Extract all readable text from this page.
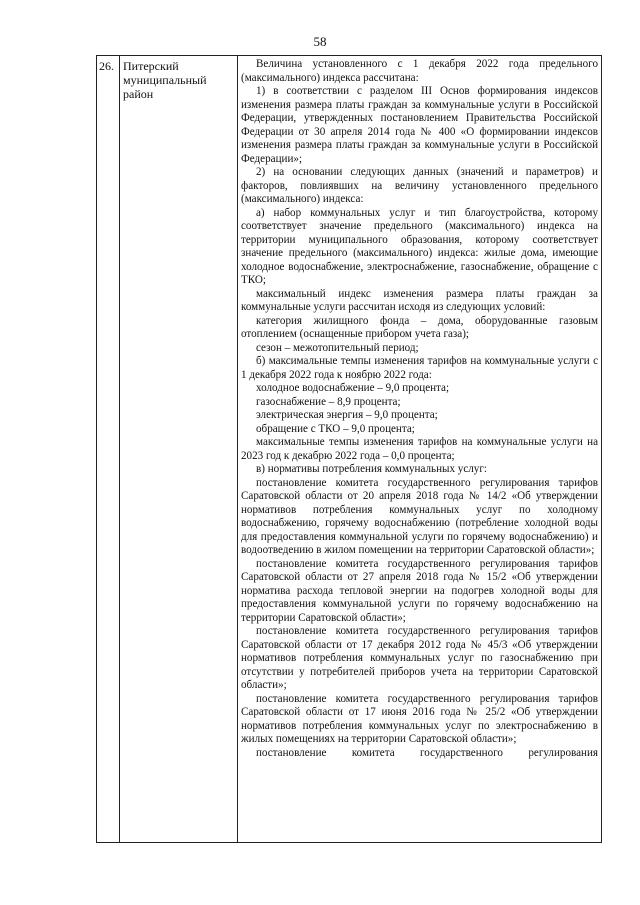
58
26.	Питерский муниципальный район	

Величина установленного с 1 декабря 2022 года предельного (максимального) индекса рассчитана:

1) в соответствии с разделом III Основ формирования индексов изменения размера платы граждан за коммунальные услуги в Российской Федерации, утвержденных постановлением Правительства Российской Федерации от 30 апреля 2014 года № 400 «О формировании индексов изменения размера платы граждан за коммунальные услуги в Российской Федерации»;

2) на основании следующих данных (значений и параметров) и факторов, повлиявших на величину установленного предельного (максимального) индекса:

а) набор коммунальных услуг и тип благоустройства, которому соответствует значение предельного (максимального) индекса на территории муниципального образования, которому соответствует значение предельного (максимального) индекса: жилые дома, имеющие холодное водоснабжение, электроснабжение, газоснабжение, обращение с ТКО;

максимальный индекс изменения размера платы граждан за коммунальные услуги рассчитан исходя из следующих условий:

категория жилищного фонда – дома, оборудованные газовым отоплением (оснащенные прибором учета газа);

сезон – межотопительный период;

б) максимальные темпы изменения тарифов на коммунальные услуги с 1 декабря 2022 года к ноябрю 2022 года:

холодное водоснабжение – 9,0 процента;

газоснабжение – 8,9 процента;

электрическая энергия – 9,0 процента;

обращение с ТКО – 9,0 процента;

максимальные темпы изменения тарифов на коммунальные услуги на 2023 год к декабрю 2022 года – 0,0 процента;

в) нормативы потребления коммунальных услуг:

постановление комитета государственного регулирования тарифов Саратовской области от 20 апреля 2018 года № 14/2 «Об утверждении нормативов потребления коммунальных услуг по холодному водоснабжению, горячему водоснабжению (потребление холодной воды для предоставления коммунальной услуги по горячему водоснабжению) и водоотведению в жилом помещении на территории Саратовской области»;

постановление комитета государственного регулирования тарифов Саратовской области от 27 апреля 2018 года № 15/2 «Об утверждении норматива расхода тепловой энергии на подогрев холодной воды для предоставления коммунальной услуги по горячему водоснабжению на территории Саратовской области»;

постановление комитета государственного регулирования тарифов Саратовской области от 17 декабря 2012 года № 45/3 «Об утверждении нормативов потребления коммунальных услуг по газоснабжению при отсутствии у потребителей приборов учета на территории Саратовской области»;

постановление комитета государственного регулирования тарифов Саратовской области от 17 июня 2016 года № 25/2 «Об утверждении нормативов потребления коммунальных услуг по электроснабжению в жилых помещениях на территории Саратовской области»;

постановление комитета государственного регулирования
